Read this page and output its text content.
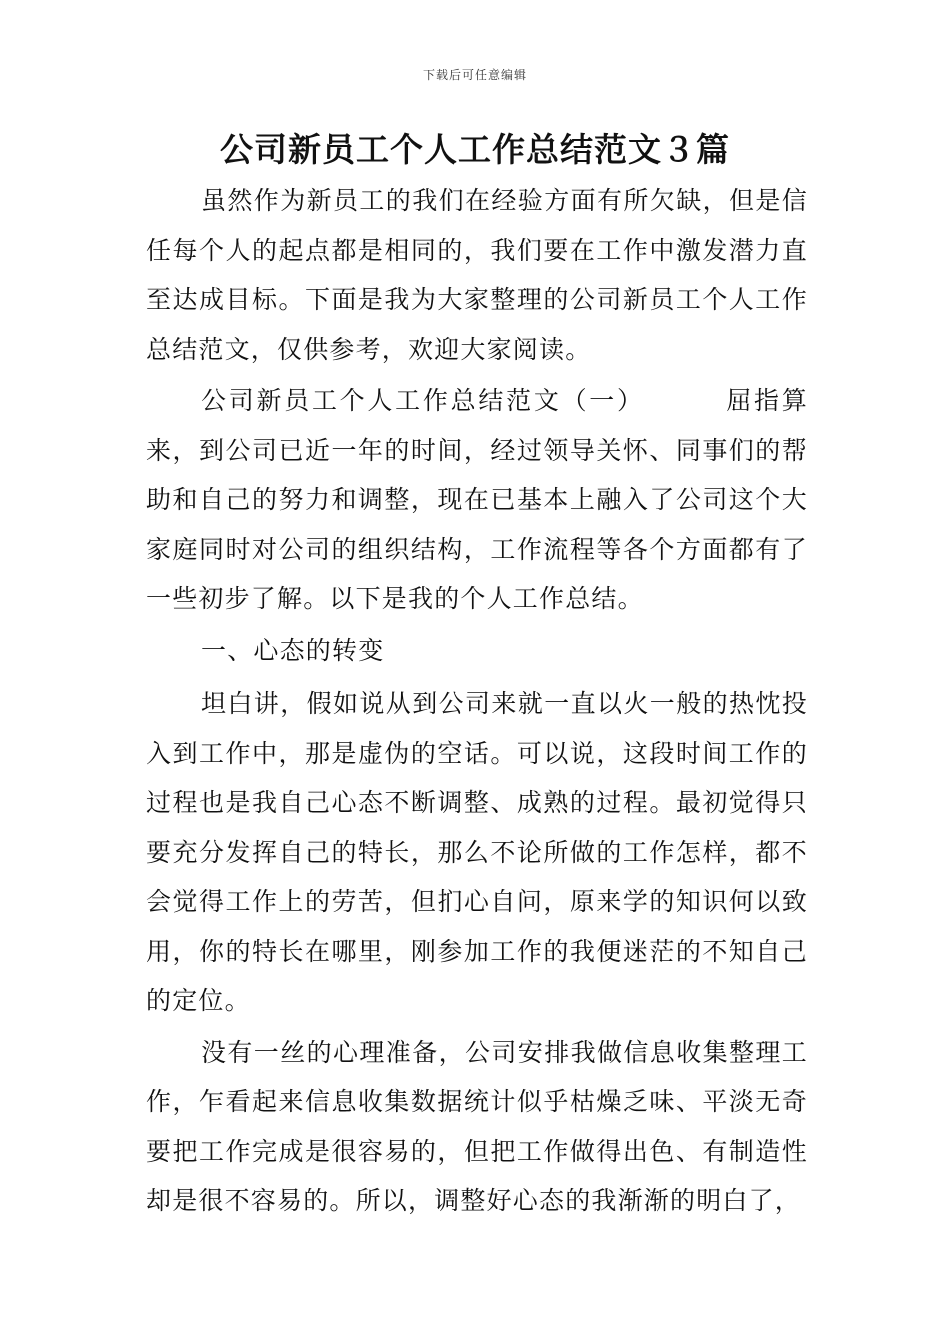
下载后可任意编辑
公司新员工个人工作总结范文３篇

虽然作为新员工的我们在经验方面有所欠缺，但是信任每个人的起点都是相同的，我们要在工作中激发潜力直至达成目标。下面是我为大家整理的公司新员工个人工作总结范文，仅供参考，欢迎大家阅读。

公司新员工个人工作总结范文（一）	屈指算来，到公司已近一年的时间，经过领导关怀、同事们的帮助和自己的努力和调整，现在已基本上融入了公司这个大家庭同时对公司的组织结构，工作流程等各个方面都有了一些初步了解。以下是我的个人工作总结。

一、心态的转变

坦白讲，假如说从到公司来就一直以火一般的热忱投入到工作中，那是虚伪的空话。可以说，这段时间工作的过程也是我自己心态不断调整、成熟的过程。最初觉得只要充分发挥自己的特长，那么不论所做的工作怎样，都不会觉得工作上的劳苦，但扪心自问，原来学的知识何以致用，你的特长在哪里，刚参加工作的我便迷茫的不知自己的定位。

没有一丝的心理准备，公司安排我做信息收集整理工作，乍看起来信息收集数据统计似乎枯燥乏味、平淡无奇要把工作完成是很容易的，但把工作做得出色、有制造性却是很不容易的。所以，调整好心态的我渐渐的明白了，
